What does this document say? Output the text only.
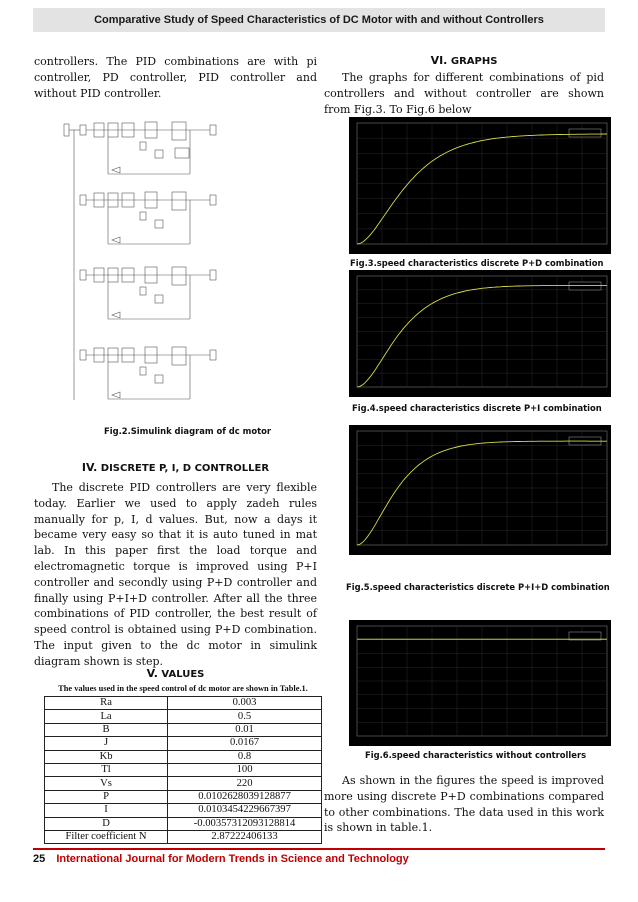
Comparative Study of Speed Characteristics of DC Motor with and without Controllers

controllers. The PID combinations are with pi controller, PD controller, PID controller and without PID controller.

Fig.2.Simulink diagram of dc motor
IV. DISCRETE P, I, D CONTROLLER

The discrete PID controllers are very flexible today. Earlier we used to apply zadeh rules manually for p, I, d values. But, now a days it became very easy so that it is auto tuned in mat lab. In this paper first the load torque and electromagnetic torque is improved using P+I controller and secondly using P+D controller and finally using P+I+D controller. After all the three combinations of PID controller, the best result of speed control is obtained using P+D combination. The input given to the dc motor in simulink diagram shown is step.

V. VALUES
The values used in the speed control of dc motor are shown in Table.1.
Ra	0.003
La	0.5
B	0.01
J	0.0167
Kb	0.8
Tl	100
Vs	220
P	0.0102628039128877
I	0.0103454229667397
D	-0.00357312093128814
Filter coefficient N	2.87222406133
VI. GRAPHS

The graphs for different combinations of pid controllers and without controller are shown from Fig.3. To Fig.6 below

Fig.3.speed characteristics discrete P+D combination
Fig.4.speed characteristics discrete P+I combination
Fig.5.speed characteristics discrete P+I+D combination
Fig.6.speed characteristics without controllers

As shown in the figures the speed is improved more using discrete P+D combinations compared to other combinations. The data used in this work is shown in table.1.

25 International Journal for Modern Trends in Science and Technology
